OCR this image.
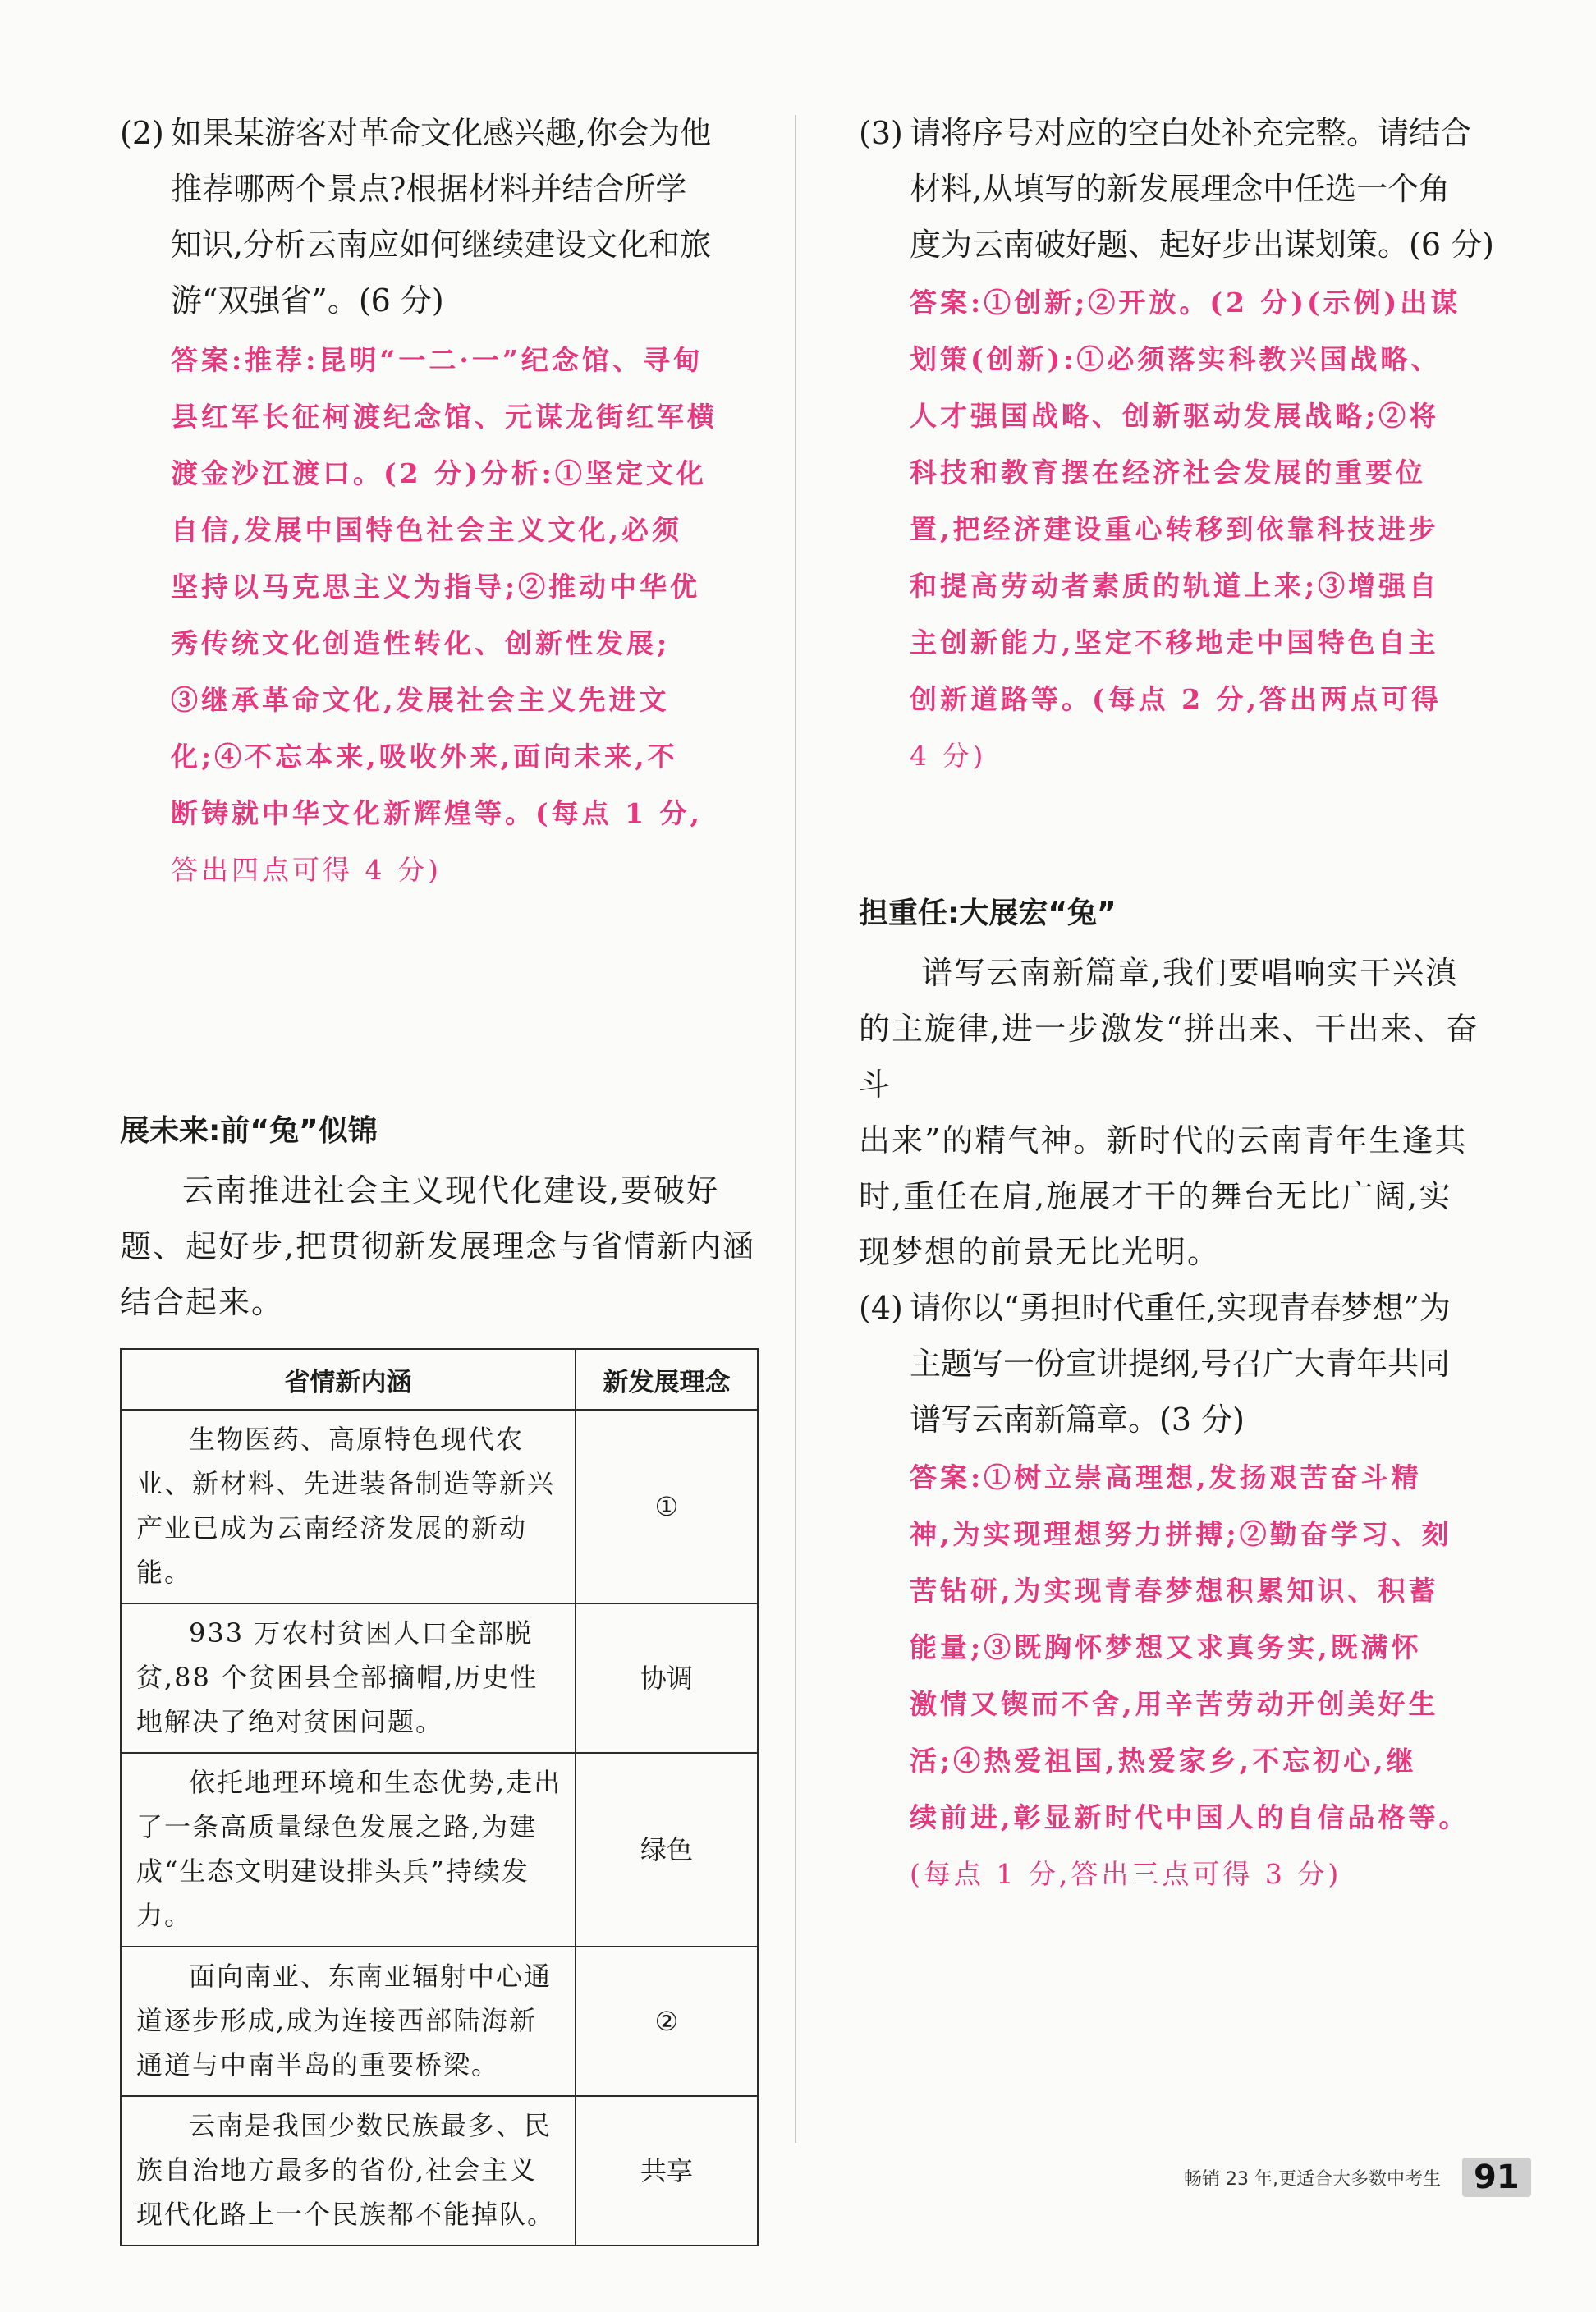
(2) 如果某游客对革命文化感兴趣,你会为他

推荐哪两个景点?根据材料并结合所学

知识,分析云南应如何继续建设文化和旅

游“双强省”。(6 分)

答案:推荐:昆明“一二·一”纪念馆、寻甸

县红军长征柯渡纪念馆、元谋龙街红军横

渡金沙江渡口。(2 分)分析:①坚定文化

自信,发展中国特色社会主义文化,必须

坚持以马克思主义为指导;②推动中华优

秀传统文化创造性转化、创新性发展;

③继承革命文化,发展社会主义先进文

化;④不忘本来,吸收外来,面向未来,不

断铸就中华文化新辉煌等。(每点 1 分,

答出四点可得 4 分)

展未来:前“兔”似锦

云南推进社会主义现代化建设,要破好

题、起好步,把贯彻新发展理念与省情新内涵

结合起来。

省情新内涵	新发展理念
生物医药、高原特色现代农业、新材料、先进装备制造等新兴产业已成为云南经济发展的新动能。	①
933 万农村贫困人口全部脱贫,88 个贫困县全部摘帽,历史性地解决了绝对贫困问题。	协调
依托地理环境和生态优势,走出了一条高质量绿色发展之路,为建成“生态文明建设排头兵”持续发力。	绿色
面向南亚、东南亚辐射中心通道逐步形成,成为连接西部陆海新通道与中南半岛的重要桥梁。	②
云南是我国少数民族最多、民族自治地方最多的省份,社会主义现代化路上一个民族都不能掉队。	共享
(3) 请将序号对应的空白处补充完整。请结合

材料,从填写的新发展理念中任选一个角

度为云南破好题、起好步出谋划策。(6 分)

答案:①创新;②开放。(2 分)(示例)出谋

划策(创新):①必须落实科教兴国战略、

人才强国战略、创新驱动发展战略;②将

科技和教育摆在经济社会发展的重要位

置,把经济建设重心转移到依靠科技进步

和提高劳动者素质的轨道上来;③增强自

主创新能力,坚定不移地走中国特色自主

创新道路等。(每点 2 分,答出两点可得

4 分)

担重任:大展宏“兔”

谱写云南新篇章,我们要唱响实干兴滇

的主旋律,进一步激发“拼出来、干出来、奋斗

出来”的精气神。新时代的云南青年生逢其

时,重任在肩,施展才干的舞台无比广阔,实

现梦想的前景无比光明。

(4) 请你以“勇担时代重任,实现青春梦想”为

主题写一份宣讲提纲,号召广大青年共同

谱写云南新篇章。(3 分)

答案:①树立崇高理想,发扬艰苦奋斗精

神,为实现理想努力拼搏;②勤奋学习、刻

苦钻研,为实现青春梦想积累知识、积蓄

能量;③既胸怀梦想又求真务实,既满怀

激情又锲而不舍,用辛苦劳动开创美好生

活;④热爱祖国,热爱家乡,不忘初心,继

续前进,彰显新时代中国人的自信品格等。

(每点 1 分,答出三点可得 3 分)

畅销 23 年,更适合大多数中考生	91
